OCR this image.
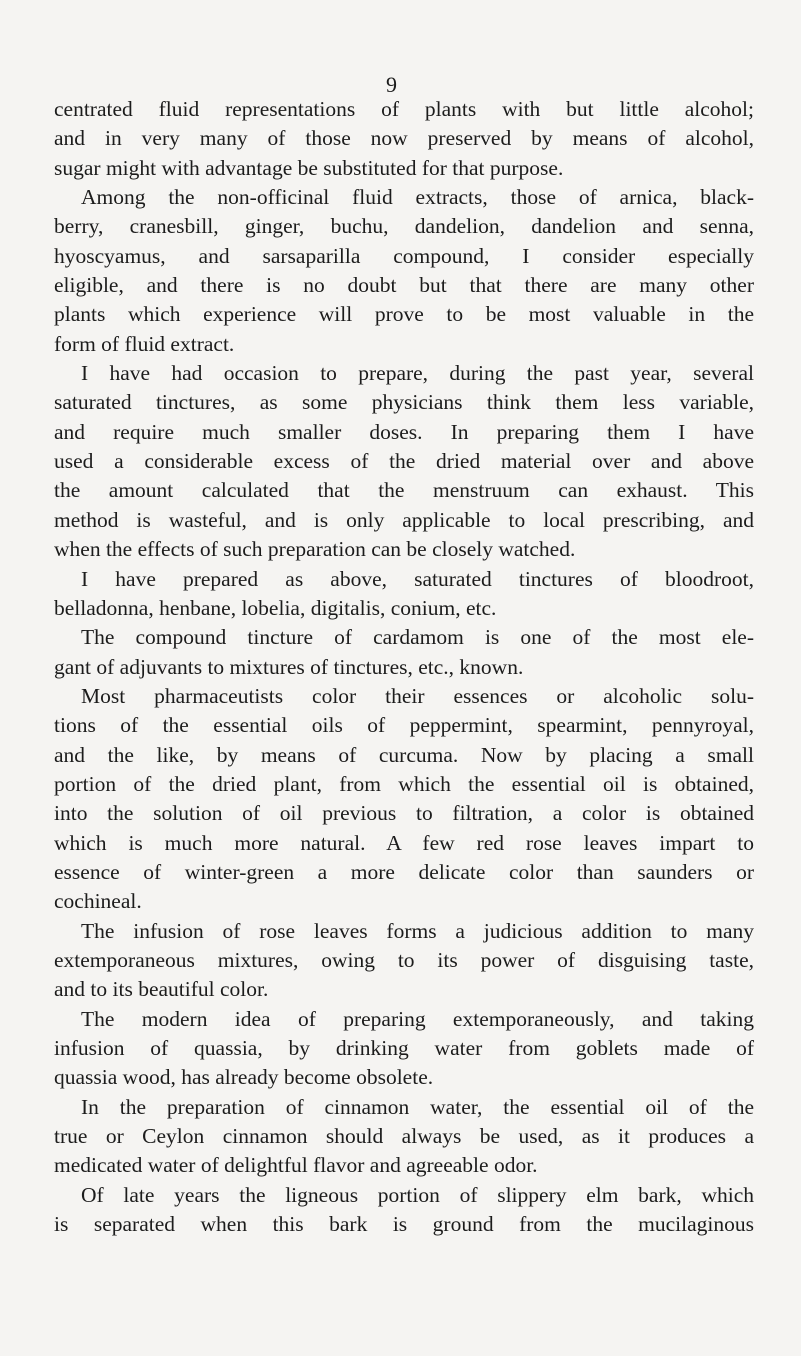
9
centrated fluid representations of plants with but little alcohol;
and in very many of those now preserved by means of alcohol,
sugar might with advantage be substituted for that purpose.
Among the non-officinal fluid extracts, those of arnica, black-
berry, cranesbill, ginger, buchu, dandelion, dandelion and senna,
hyoscyamus, and sarsaparilla compound, I consider especially
eligible, and there is no doubt but that there are many other
plants which experience will prove to be most valuable in the
form of fluid extract.
I have had occasion to prepare, during the past year, several
saturated tinctures, as some physicians think them less variable,
and require much smaller doses. In preparing them I have
used a considerable excess of the dried material over and above
the amount calculated that the menstruum can exhaust. This
method is wasteful, and is only applicable to local prescribing, and
when the effects of such preparation can be closely watched.
I have prepared as above, saturated tinctures of bloodroot,
belladonna, henbane, lobelia, digitalis, conium, etc.
The compound tincture of cardamom is one of the most ele-
gant of adjuvants to mixtures of tinctures, etc., known.
Most pharmaceutists color their essences or alcoholic solu-
tions of the essential oils of peppermint, spearmint, pennyroyal,
and the like, by means of curcuma. Now by placing a small
portion of the dried plant, from which the essential oil is obtained,
into the solution of oil previous to filtration, a color is obtained
which is much more natural. A few red rose leaves impart to
essence of winter-green a more delicate color than saunders or
cochineal.
The infusion of rose leaves forms a judicious addition to many
extemporaneous mixtures, owing to its power of disguising taste,
and to its beautiful color.
The modern idea of preparing extemporaneously, and taking
infusion of quassia, by drinking water from goblets made of
quassia wood, has already become obsolete.
In the preparation of cinnamon water, the essential oil of the
true or Ceylon cinnamon should always be used, as it produces a
medicated water of delightful flavor and agreeable odor.
Of late years the ligneous portion of slippery elm bark, which
is separated when this bark is ground from the mucilaginous
